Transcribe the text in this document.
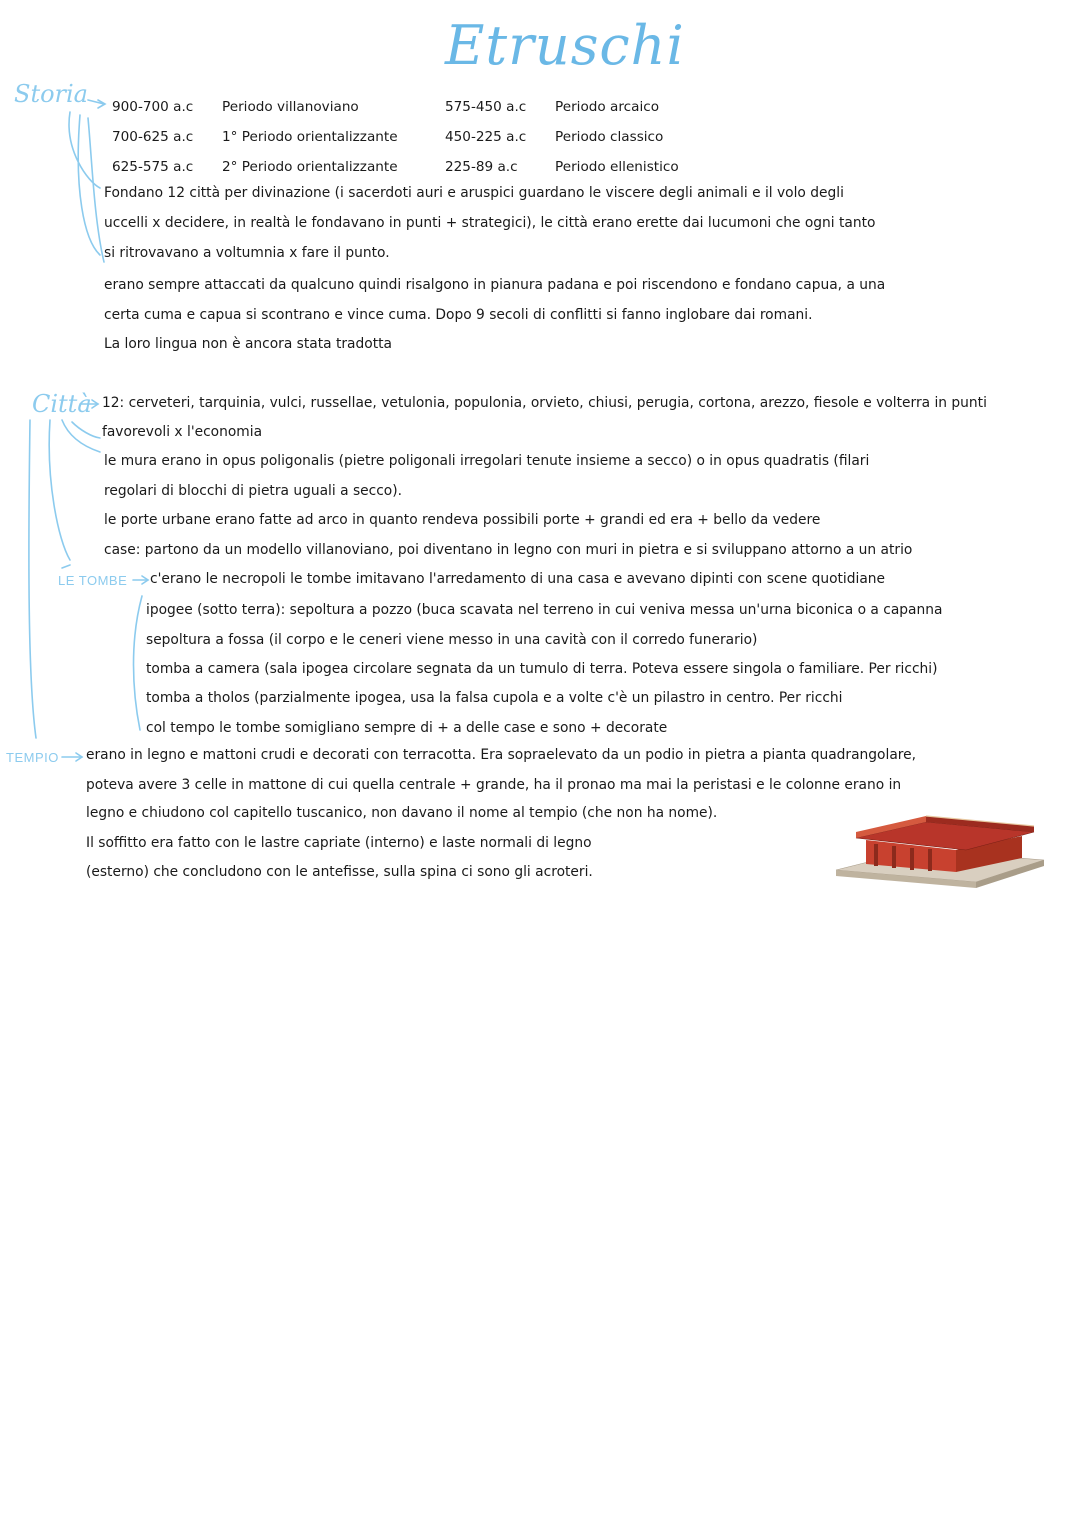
Etruschi
Storia 900-700 a.c Periodo villanoviano
700-625 a.c 1° Periodo orientalizzante
625-575 a.c 2° Periodo orientalizzante
575-450 a.c Periodo arcaico
450-225 a.c Periodo classico
225-89 a.c	Periodo ellenistico
Fondano 12 città per divinazione (i sacerdoti auri e aruspici guardano le viscere degli animali e il volo degli
uccelli x decidere, in realtà le fondavano in punti + strategici), le città erano erette dai lucumoni che ogni tanto
si ritrovavano a voltumnia x fare il punto.
erano sempre attaccati da qualcuno quindi risalgono in pianura padana e poi riscendono e fondano capua, a una
certa cuma e capua si scontrano e vince cuma. Dopo 9 secoli di conflitti si fanno inglobare dai romani.
La loro lingua non è ancora stata tradotta
Città 12: cerveteri, tarquinia, vulci, russellae, vetulonia, populonia, orvieto, chiusi, perugia, cortona, arezzo, fiesole e volterra in punti
favorevoli x l'economia
le mura erano in opus poligonalis (pietre poligonali irregolari tenute insieme a secco) o in opus quadratis (filari
regolari di blocchi di pietra uguali a secco).
le porte urbane erano fatte ad arco in quanto rendeva possibili porte + grandi ed era + bello da vedere
case: partono da un modello villanoviano, poi diventano in legno con muri in pietra e si sviluppano attorno a un atrio
LE TOMBE c'erano le necropoli le tombe imitavano l'arredamento di una casa e avevano dipinti con scene quotidiane
ipogee (sotto terra): sepoltura a pozzo (buca scavata nel terreno in cui veniva messa un'urna biconica o a capanna
sepoltura a fossa (il corpo e le ceneri viene messo in una cavità con il corredo funerario)
tomba a camera (sala ipogea circolare segnata da un tumulo di terra. Poteva essere singola o familiare. Per ricchi)
tomba a tholos (parzialmente ipogea, usa la falsa cupola e a volte c'è un pilastro in centro. Per ricchi
col tempo le tombe somigliano sempre di + a delle case e sono + decorate
TEMPIO erano in legno e mattoni crudi e decorati con terracotta. Era sopraelevato da un podio in pietra a pianta quadrangolare,
poteva avere 3 celle in mattone di cui quella centrale + grande, ha il pronao ma mai la peristasi e le colonne erano in
legno e chiudono col capitello tuscanico, non davano il nome al tempio (che non ha nome).
Il soffitto era fatto con le lastre capriate (interno) e laste normali di legno
(esterno) che concludono con le antefisse, sulla spina ci sono gli acroteri.
